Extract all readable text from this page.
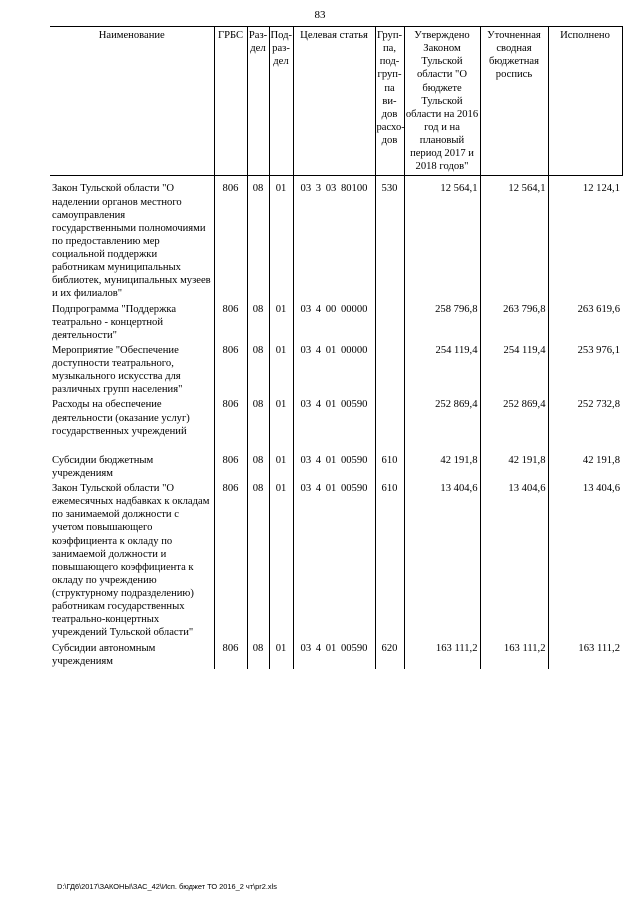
83
Наименование	ГРБС	Раз-дел	Под-раз-дел	Целевая статья	Груп-па, под-груп-па ви-дов расхо-дов	Утверждено Законом Тульской области "О бюджете Тульской области на 2016 год и на плановый период 2017 и 2018 годов"	Уточненная сводная бюджетная роспись	Исполнено
Закон Тульской области "О наделении органов местного самоуправления государственными полномочиями по предоставлению мер социальной поддержки работникам муниципальных библиотек, муниципальных музеев и их филиалов"	806	08	01	03 3 03 80100	530	12 564,1	12 564,1	12 124,1
Подпрограмма "Поддержка театрально - концертной деятельности"	806	08	01	03 4 00 00000		258 796,8	263 796,8	263 619,6
Мероприятие "Обеспечение доступности театрального, музыкального искусства для различных групп населения"	806	08	01	03 4 01 00000		254 119,4	254 119,4	253 976,1
Расходы на обеспечение деятельности (оказание услуг) государственных учреждений	806	08	01	03 4 01 00590		252 869,4	252 869,4	252 732,8

Субсидии бюджетным учреждениям	806	08	01	03 4 01 00590	610	42 191,8	42 191,8	42 191,8
Закон Тульской области "О ежемесячных надбавках к окладам по занимаемой должности с учетом повышающего коэффициента к окладу по занимаемой должности и повышающего коэффициента к окладу по учреждению (структурному подразделению) работникам государственных театрально-концертных учреждений Тульской области"	806	08	01	03 4 01 00590	610	13 404,6	13 404,6	13 404,6
Субсидии автономным учреждениям	806	08	01	03 4 01 00590	620	163 111,2	163 111,2	163 111,2
D:\ГД6\2017\ЗАКОНЫ\ЗАС_42\Исп. бюджет ТО 2016_2 чт\pr2.xls
